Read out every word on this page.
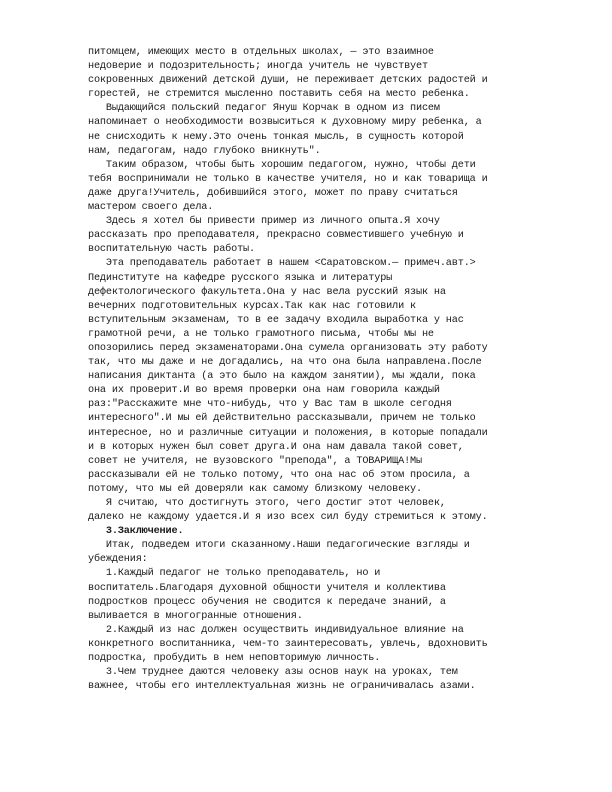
питомцем, имеющих место в отдельных школах, — это взаимное
недоверие и подозрительность; иногда учитель не чувствует
сокровенных движений детской души, не переживает детских радостей и
горестей, не стремится мысленно поставить себя на место ребенка.
Выдающийся польский педагог Януш Корчак в одном из писем
напоминает о необходимости возвыситься к духовному миру ребенка, а
не снисходить к нему.Это очень тонкая мысль, в сущность которой
нам, педагогам, надо глубоко вникнуть".
Таким образом, чтобы быть хорошим педагогом, нужно, чтобы дети
тебя воспринимали не только в качестве учителя, но и как товарища и
даже друга!Учитель, добившийся этого, может по праву считаться
мастером своего дела.
Здесь я хотел бы привести пример из личного опыта.Я хочу
рассказать про преподавателя, прекрасно совместившего учебную и
воспитательную часть работы.
Эта преподаватель работает в нашем <Саратовском.— примеч.авт.>
Пединституте на кафедре русского языка и литературы
дефектологического факультета.Она у нас вела русский язык на
вечерних подготовительных курсах.Так как нас готовили к
вступительным экзаменам, то в ее задачу входила выработка у нас
грамотной речи, а не только грамотного письма, чтобы мы не
опозорились перед экзаменаторами.Она сумела организовать эту работу
так, что мы даже и не догадались, на что она была направлена.После
написания диктанта (а это было на каждом занятии), мы ждали, пока
она их проверит.И во время проверки она нам говорила каждый
раз:"Расскажите мне что-нибудь, что у Вас там в школе сегодня
интересного".И мы ей действительно рассказывали, причем не только
интересное, но и различные ситуации и положения, в которые попадали
и в которых нужен был совет друга.И она нам давала такой совет,
совет не учителя, не вузовского "препода", а ТОВАРИЩА!Мы
рассказывали ей не только потому, что она нас об этом просила, а
потому, что мы ей доверяли как самому близкому человеку.
Я считаю, что достигнуть этого, чего достиг этот человек,
далеко не каждому удается.И я изо всех сил буду стремиться к этому.
3.Заключение.
Итак, подведем итоги сказанному.Наши педагогические взгляды и
убеждения:
1.Каждый педагог не только преподаватель, но и
воспитатель.Благодаря духовной общности учителя и коллектива
подростков процесс обучения не сводится к передаче знаний, а
выливается в многогранные отношения.
2.Каждый из нас должен осуществить индивидуальное влияние на
конкретного воспитанника, чем-то заинтересовать, увлечь, вдохновить
подростка, пробудить в нем неповторимую личность.
3.Чем труднее даются человеку азы основ наук на уроках, тем
важнее, чтобы его интеллектуальная жизнь не ограничивалась азами.
